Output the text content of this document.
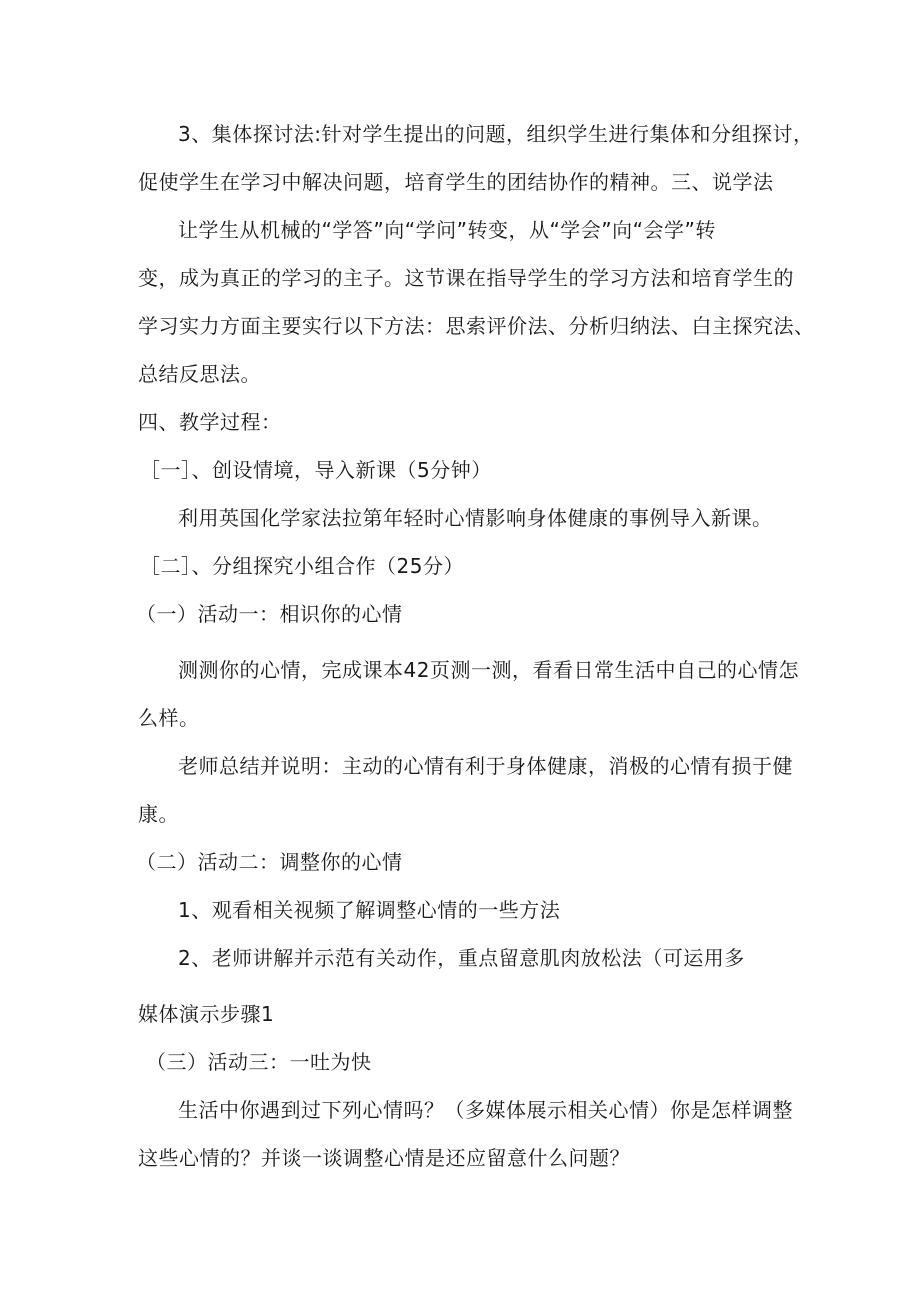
3、集体探讨法:针对学生提出的问题，组织学生进行集体和分组探讨，
促使学生在学习中解决问题，培育学生的团结协作的精神。三、说学法
让学生从机械的“学答”向“学问”转变，从“学会”向“会学”转
变，成为真正的学习的主子。这节课在指导学生的学习方法和培育学生的
学习实力方面主要实行以下方法：思索评价法、分析归纳法、白主探究法、
总结反思法。
四、教学过程：
［一］、创设情境，导入新课（5分钟）
利用英国化学家法拉第年轻时心情影响身体健康的事例导入新课。
［二］、分组探究小组合作（25分）
（一）活动一：相识你的心情
测测你的心情，完成课本42页测一测，看看日常生活中自己的心情怎
么样。
老师总结并说明：主动的心情有利于身体健康，消极的心情有损于健
康。
（二）活动二：调整你的心情
1、观看相关视频了解调整心情的一些方法
2、老师讲解并示范有关动作，重点留意肌肉放松法（可运用多
媒体演示步骤1
（三）活动三：一吐为快
生活中你遇到过下列心情吗？（多媒体展示相关心情）你是怎样调整
这些心情的？并谈一谈调整心情是还应留意什么问题？
